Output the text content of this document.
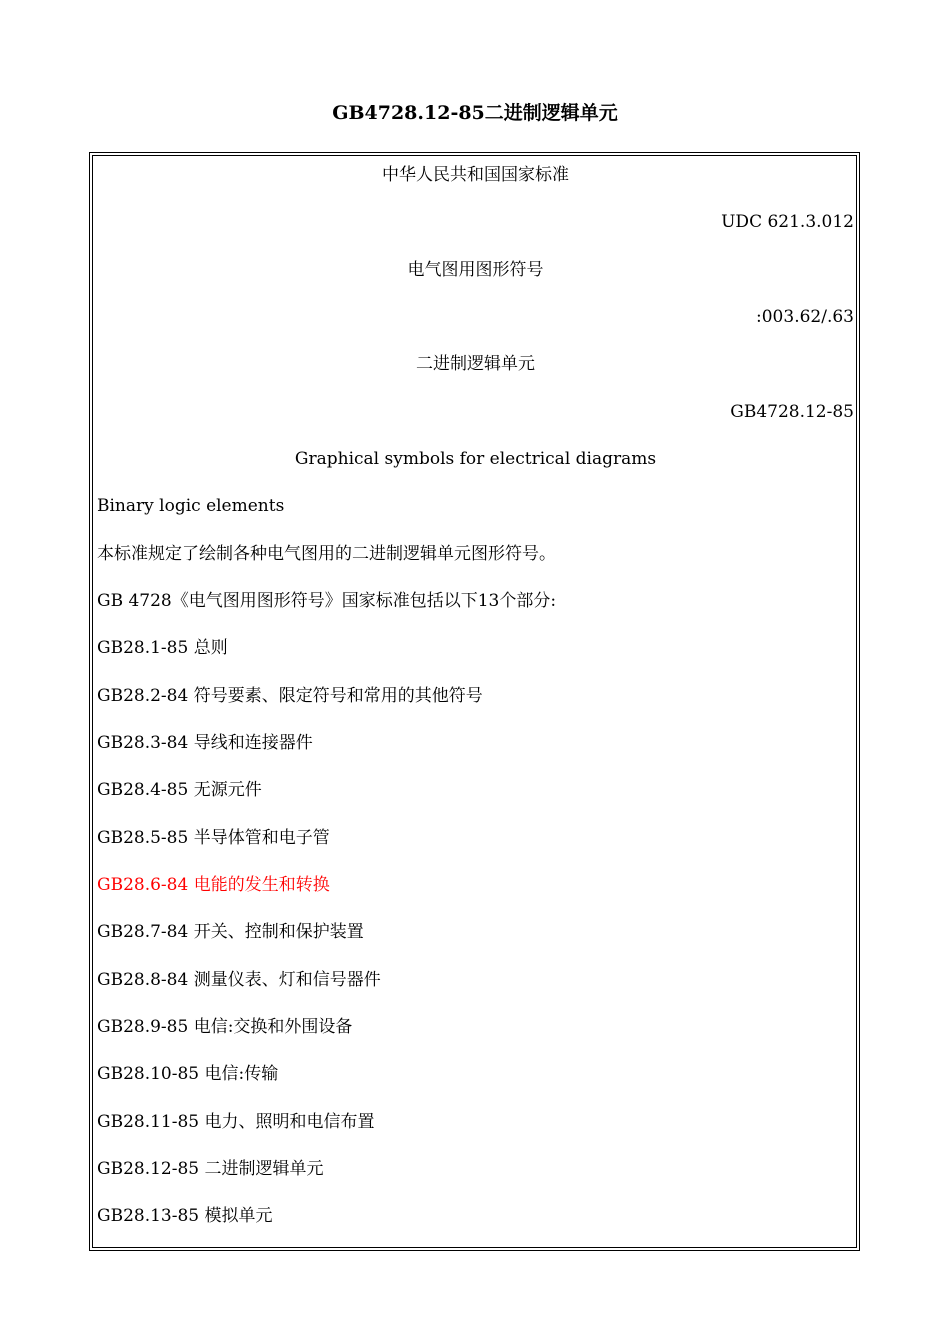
GB4728.12-85二进制逻辑单元
中华人民共和国国家标准
UDC 621.3.012
电气图用图形符号
:003.62/.63
二进制逻辑单元
GB4728.12-85
Graphical symbols for electrical diagrams
Binary logic elements
本标准规定了绘制各种电气图用的二进制逻辑单元图形符号。
GB 4728《电气图用图形符号》国家标准包括以下13个部分:
GB28.1-85 总则
GB28.2-84 符号要素、限定符号和常用的其他符号
GB28.3-84 导线和连接器件
GB28.4-85 无源元件
GB28.5-85 半导体管和电子管
GB28.6-84 电能的发生和转换
GB28.7-84 开关、控制和保护装置
GB28.8-84 测量仪表、灯和信号器件
GB28.9-85 电信:交换和外围设备
GB28.10-85 电信:传输
GB28.11-85 电力、照明和电信布置
GB28.12-85 二进制逻辑单元
GB28.13-85 模拟单元
